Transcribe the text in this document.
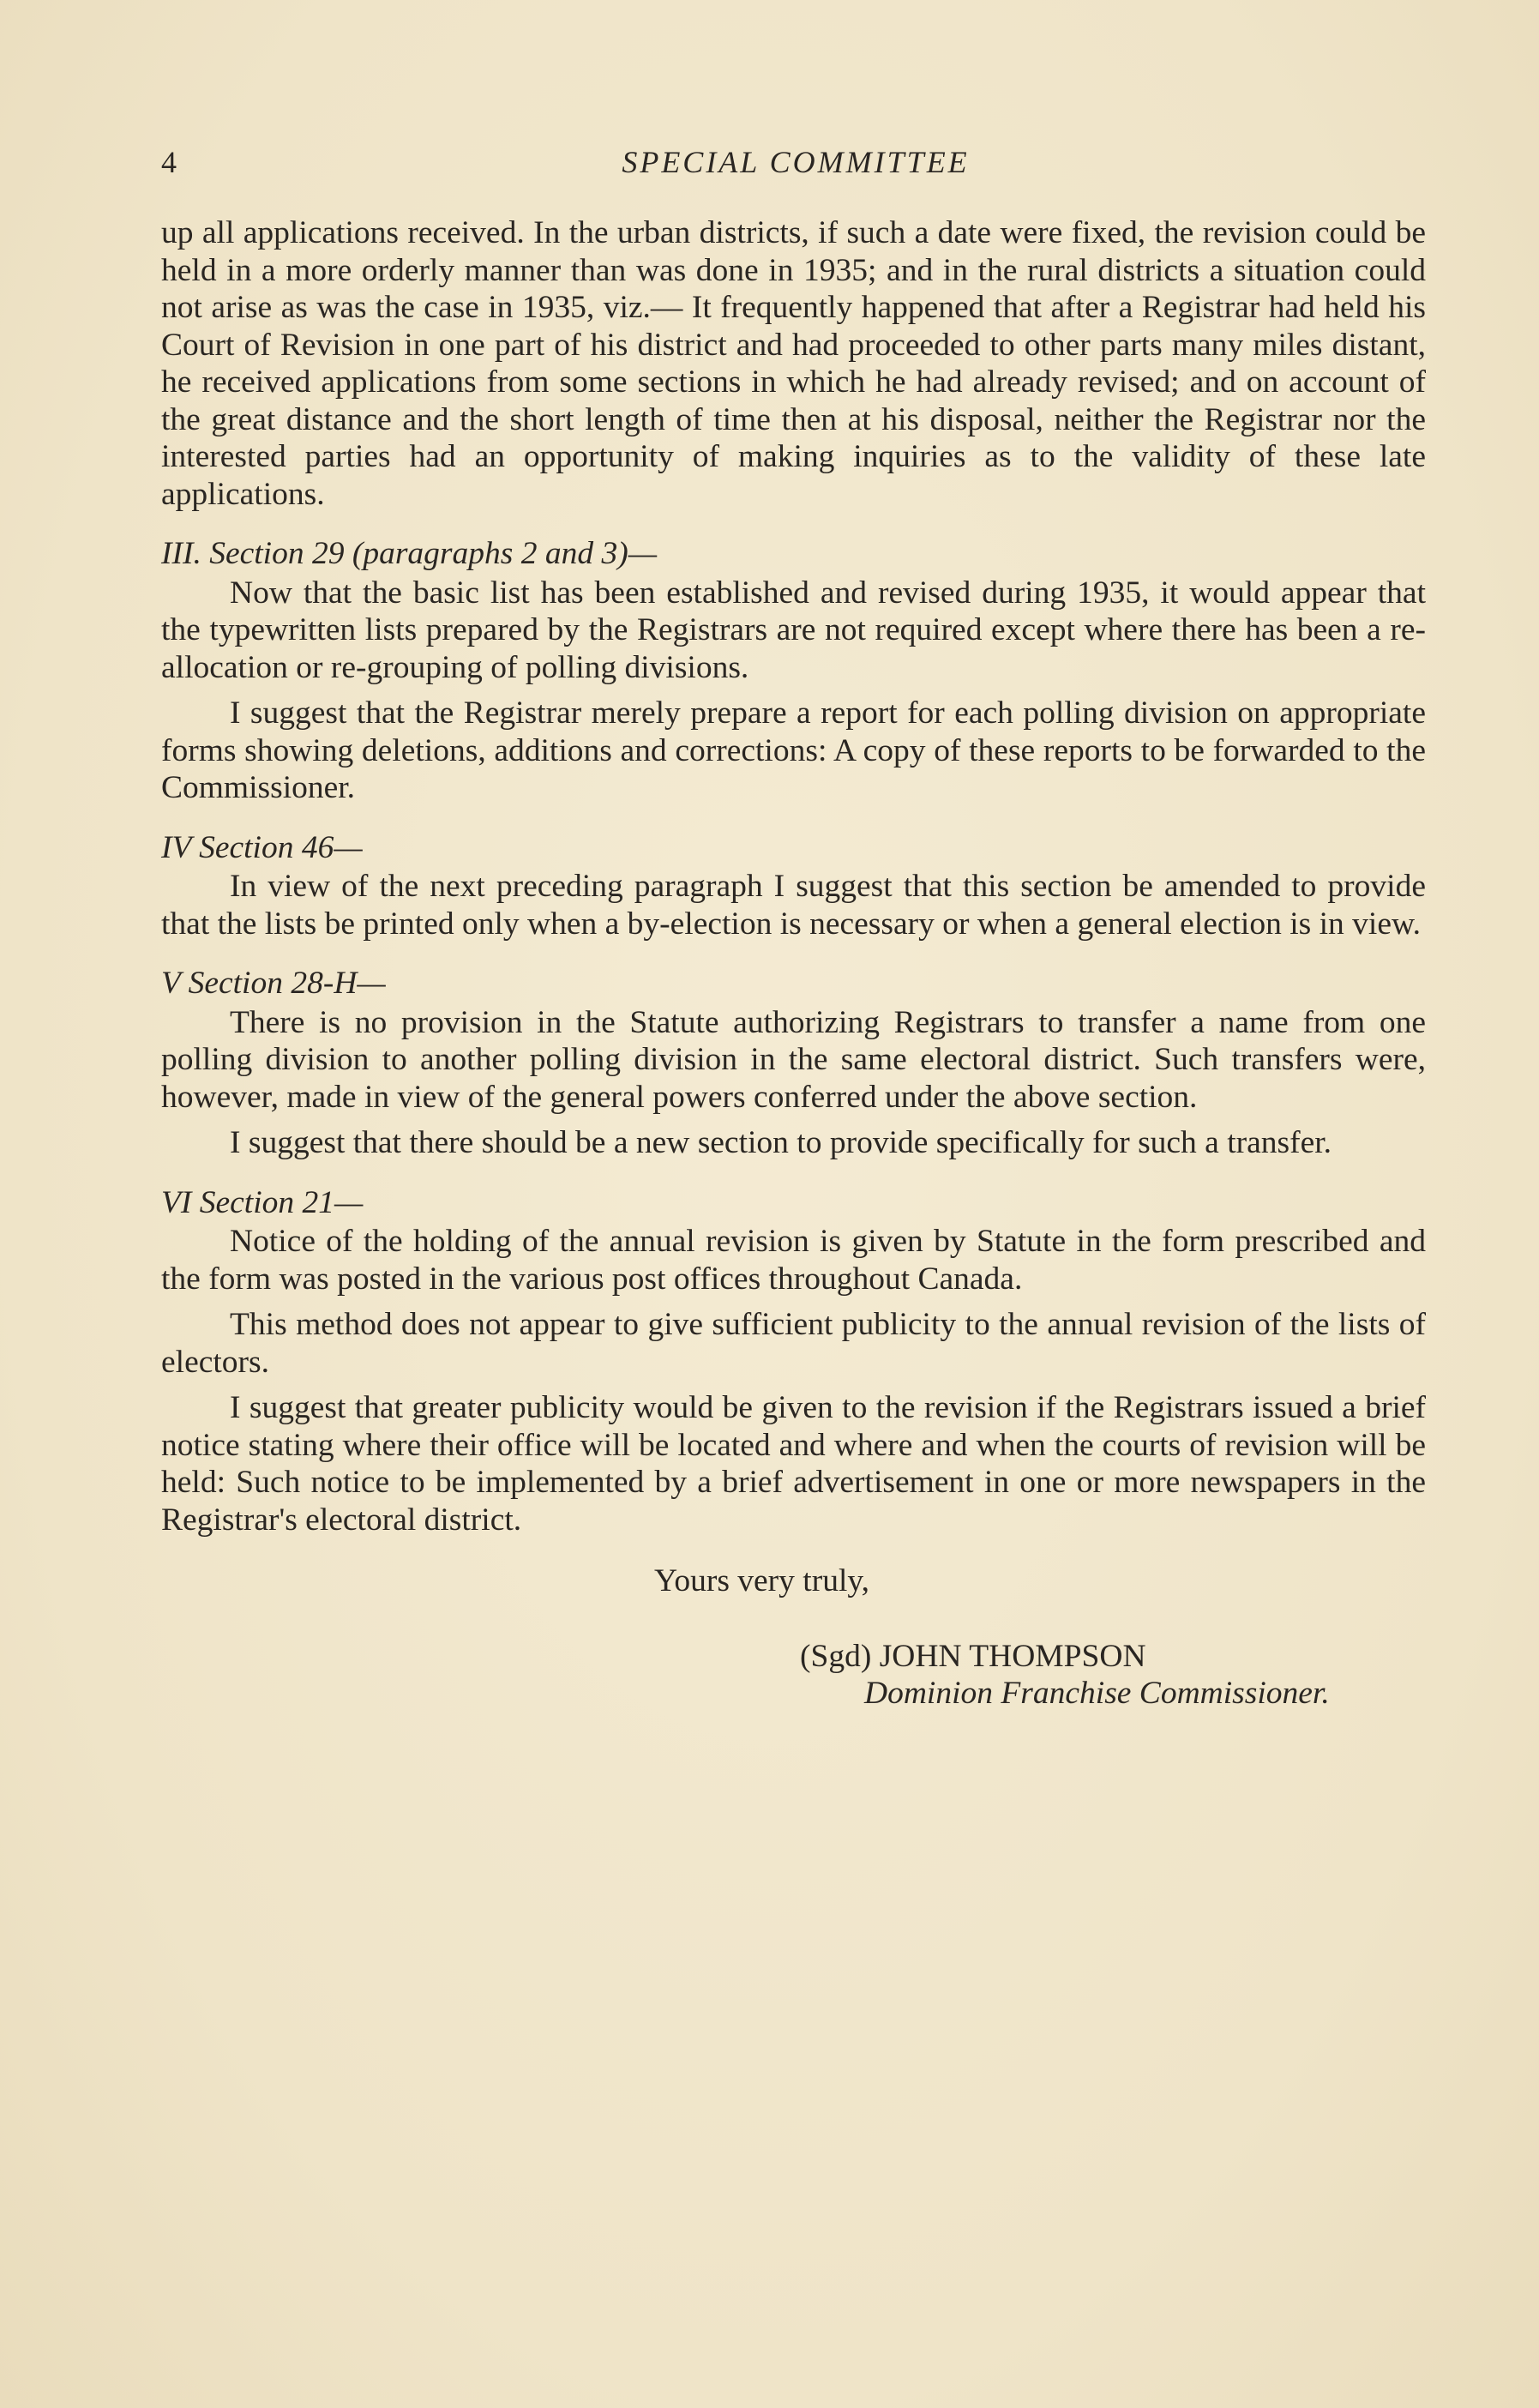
4	SPECIAL COMMITTEE

up all applications received. In the urban districts, if such a date were fixed, the revision could be held in a more orderly manner than was done in 1935; and in the rural districts a situation could not arise as was the case in 1935, viz.— It frequently happened that after a Registrar had held his Court of Revision in one part of his district and had proceeded to other parts many miles distant, he received applications from some sections in which he had already revised; and on account of the great distance and the short length of time then at his disposal, neither the Registrar nor the interested parties had an opportunity of making inquiries as to the validity of these late applications.

III. Section 29 (paragraphs 2 and 3)—

Now that the basic list has been established and revised during 1935, it would appear that the typewritten lists prepared by the Registrars are not required except where there has been a re-allocation or re-grouping of polling divisions.

I suggest that the Registrar merely prepare a report for each polling division on appropriate forms showing deletions, additions and corrections: A copy of these reports to be forwarded to the Commissioner.

IV Section 46—

In view of the next preceding paragraph I suggest that this section be amended to provide that the lists be printed only when a by-election is necessary or when a general election is in view.

V Section 28-H—

There is no provision in the Statute authorizing Registrars to transfer a name from one polling division to another polling division in the same electoral district. Such transfers were, however, made in view of the general powers conferred under the above section.

I suggest that there should be a new section to provide specifically for such a transfer.

VI Section 21—

Notice of the holding of the annual revision is given by Statute in the form prescribed and the form was posted in the various post offices throughout Canada.

This method does not appear to give sufficient publicity to the annual revision of the lists of electors.

I suggest that greater publicity would be given to the revision if the Registrars issued a brief notice stating where their office will be located and where and when the courts of revision will be held: Such notice to be implemented by a brief advertisement in one or more newspapers in the Registrar's electoral district.

Yours very truly,

(Sgd) JOHN THOMPSON

Dominion Franchise Commissioner.
